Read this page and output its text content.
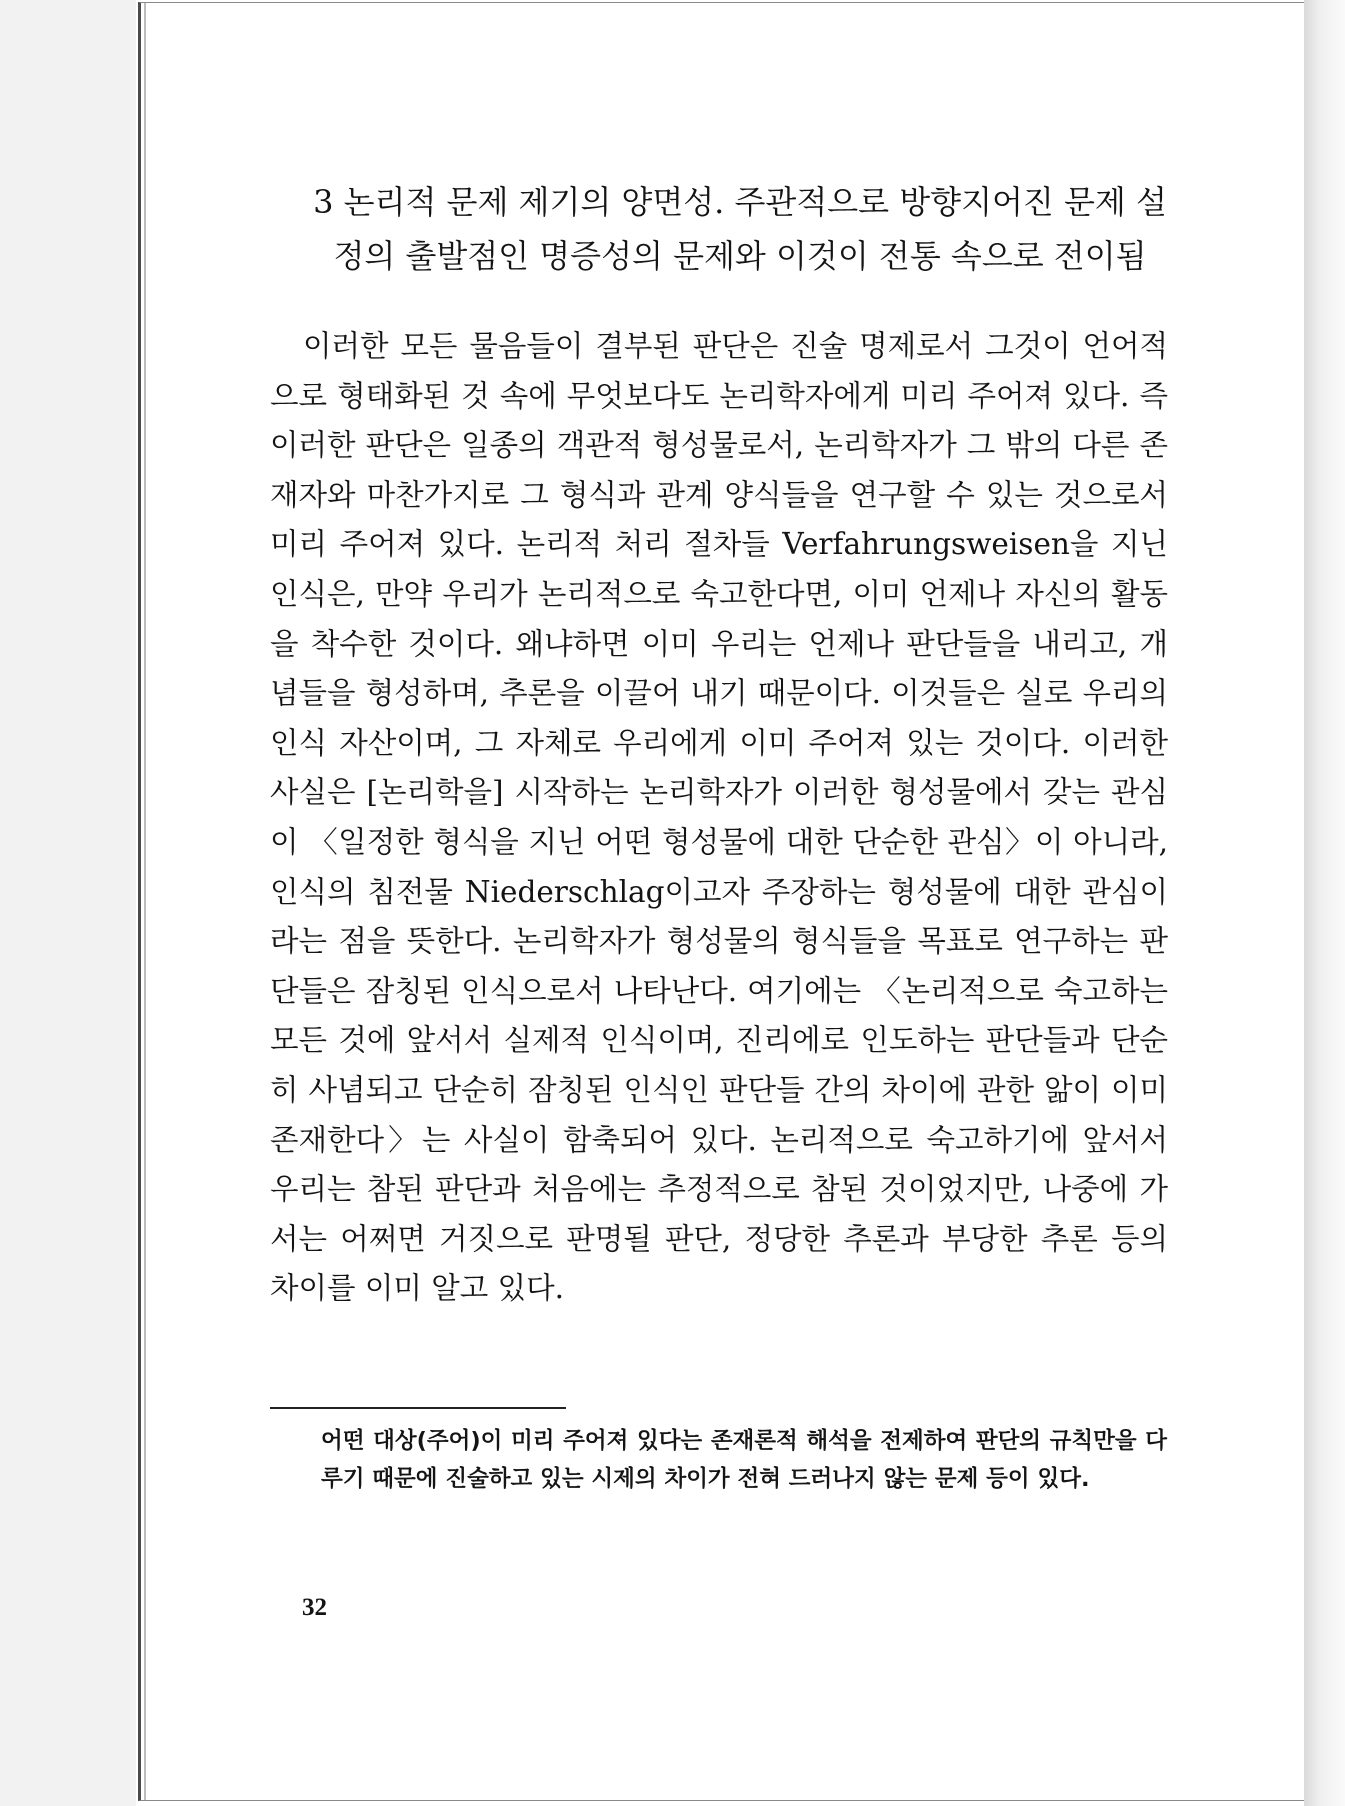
3 논리적 문제 제기의 양면성. 주관적으로 방향지어진 문제 설정의 출발점인 명증성의 문제와 이것이 전통 속으로 전이됨

이러한 모든 물음들이 결부된 판단은 진술 명제로서 그것이 언어적으로 형태화된 것 속에 무엇보다도 논리학자에게 미리 주어져 있다. 즉 이러한 판단은 일종의 객관적 형성물로서, 논리학자가 그 밖의 다른 존재자와 마찬가지로 그 형식과 관계 양식들을 연구할 수 있는 것으로서 미리 주어져 있다. 논리적 처리 절차들 Verfahrungsweisen을 지닌 인식은, 만약 우리가 논리적으로 숙고한다면, 이미 언제나 자신의 활동을 착수한 것이다. 왜냐하면 이미 우리는 언제나 판단들을 내리고, 개념들을 형성하며, 추론을 이끌어 내기 때문이다. 이것들은 실로 우리의 인식 자산이며, 그 자체로 우리에게 이미 주어져 있는 것이다. 이러한 사실은 [논리학을] 시작하는 논리학자가 이러한 형성물에서 갖는 관심이 〈일정한 형식을 지닌 어떤 형성물에 대한 단순한 관심〉이 아니라, 인식의 침전물 Niederschlag이고자 주장하는 형성물에 대한 관심이라는 점을 뜻한다. 논리학자가 형성물의 형식들을 목표로 연구하는 판단들은 잠칭된 인식으로서 나타난다. 여기에는 〈논리적으로 숙고하는 모든 것에 앞서서 실제적 인식이며, 진리에로 인도하는 판단들과 단순히 사념되고 단순히 잠칭된 인식인 판단들 간의 차이에 관한 앎이 이미 존재한다〉는 사실이 함축되어 있다. 논리적으로 숙고하기에 앞서서 우리는 참된 판단과 처음에는 추정적으로 참된 것이었지만, 나중에 가서는 어쩌면 거짓으로 판명될 판단, 정당한 추론과 부당한 추론 등의 차이를 이미 알고 있다.

어떤 대상(주어)이 미리 주어져 있다는 존재론적 해석을 전제하여 판단의 규칙만을 다루기 때문에 진술하고 있는 시제의 차이가 전혀 드러나지 않는 문제 등이 있다.

32
